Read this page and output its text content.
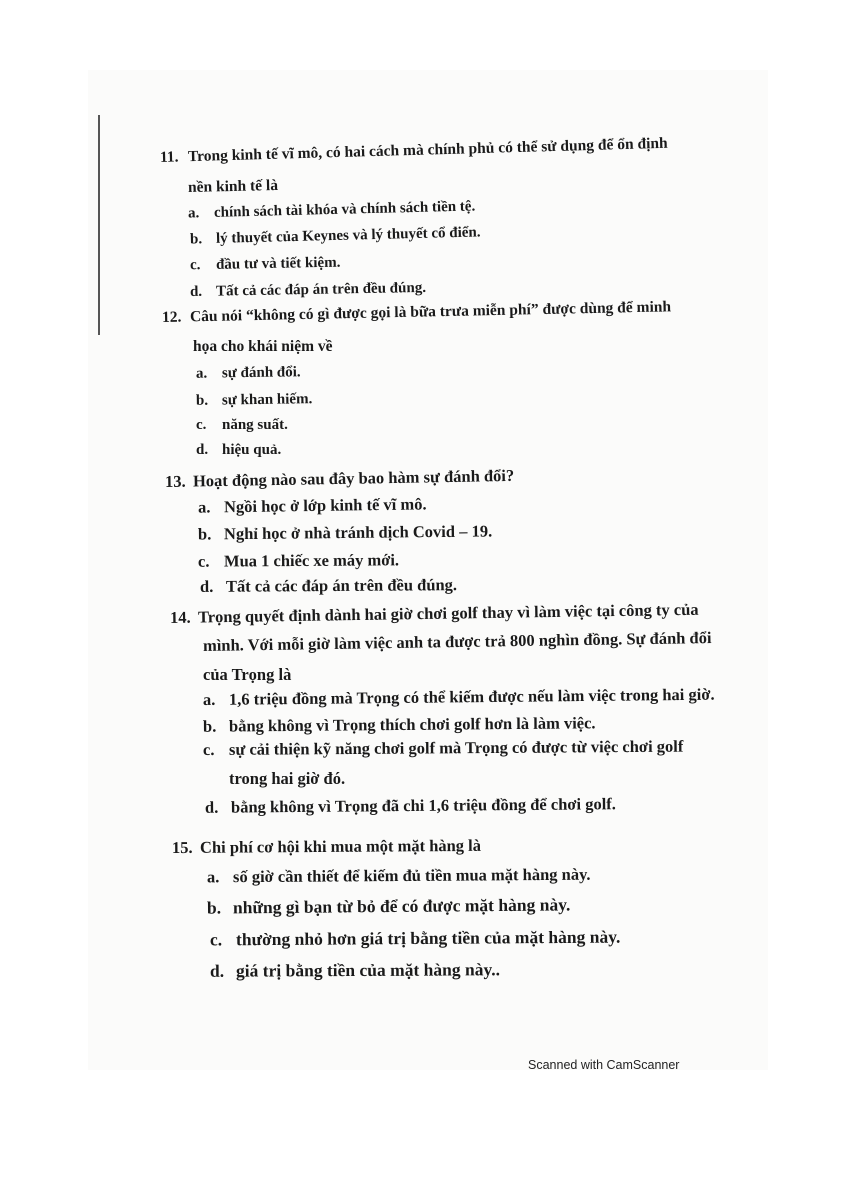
11. Trong kinh tế vĩ mô, có hai cách mà chính phủ có thể sử dụng để ổn định
nền kinh tế là
a. chính sách tài khóa và chính sách tiền tệ.
b. lý thuyết của Keynes và lý thuyết cổ điển.
c. đầu tư và tiết kiệm.
d. Tất cả các đáp án trên đều đúng.
12. Câu nói “không có gì được gọi là bữa trưa miễn phí” được dùng để minh
họa cho khái niệm về
a. sự đánh đổi.
b. sự khan hiếm.
c. năng suất.
d. hiệu quả.
13. Hoạt động nào sau đây bao hàm sự đánh đổi?
a. Ngồi học ở lớp kinh tế vĩ mô.
b. Nghỉ học ở nhà tránh dịch Covid – 19.
c. Mua 1 chiếc xe máy mới.
d. Tất cả các đáp án trên đều đúng.
14. Trọng quyết định dành hai giờ chơi golf thay vì làm việc tại công ty của
mình. Với mỗi giờ làm việc anh ta được trả 800 nghìn đồng. Sự đánh đổi
của Trọng là
a. 1,6 triệu đồng mà Trọng có thể kiếm được nếu làm việc trong hai giờ.
b. bằng không vì Trọng thích chơi golf hơn là làm việc.
c. sự cải thiện kỹ năng chơi golf mà Trọng có được từ việc chơi golf
trong hai giờ đó.
d. bằng không vì Trọng đã chi 1,6 triệu đồng để chơi golf.
15. Chi phí cơ hội khi mua một mặt hàng là
a. số giờ cần thiết để kiếm đủ tiền mua mặt hàng này.
b. những gì bạn từ bỏ để có được mặt hàng này.
c. thường nhỏ hơn giá trị bằng tiền của mặt hàng này.
d. giá trị bằng tiền của mặt hàng này..
Scanned with CamScanner
